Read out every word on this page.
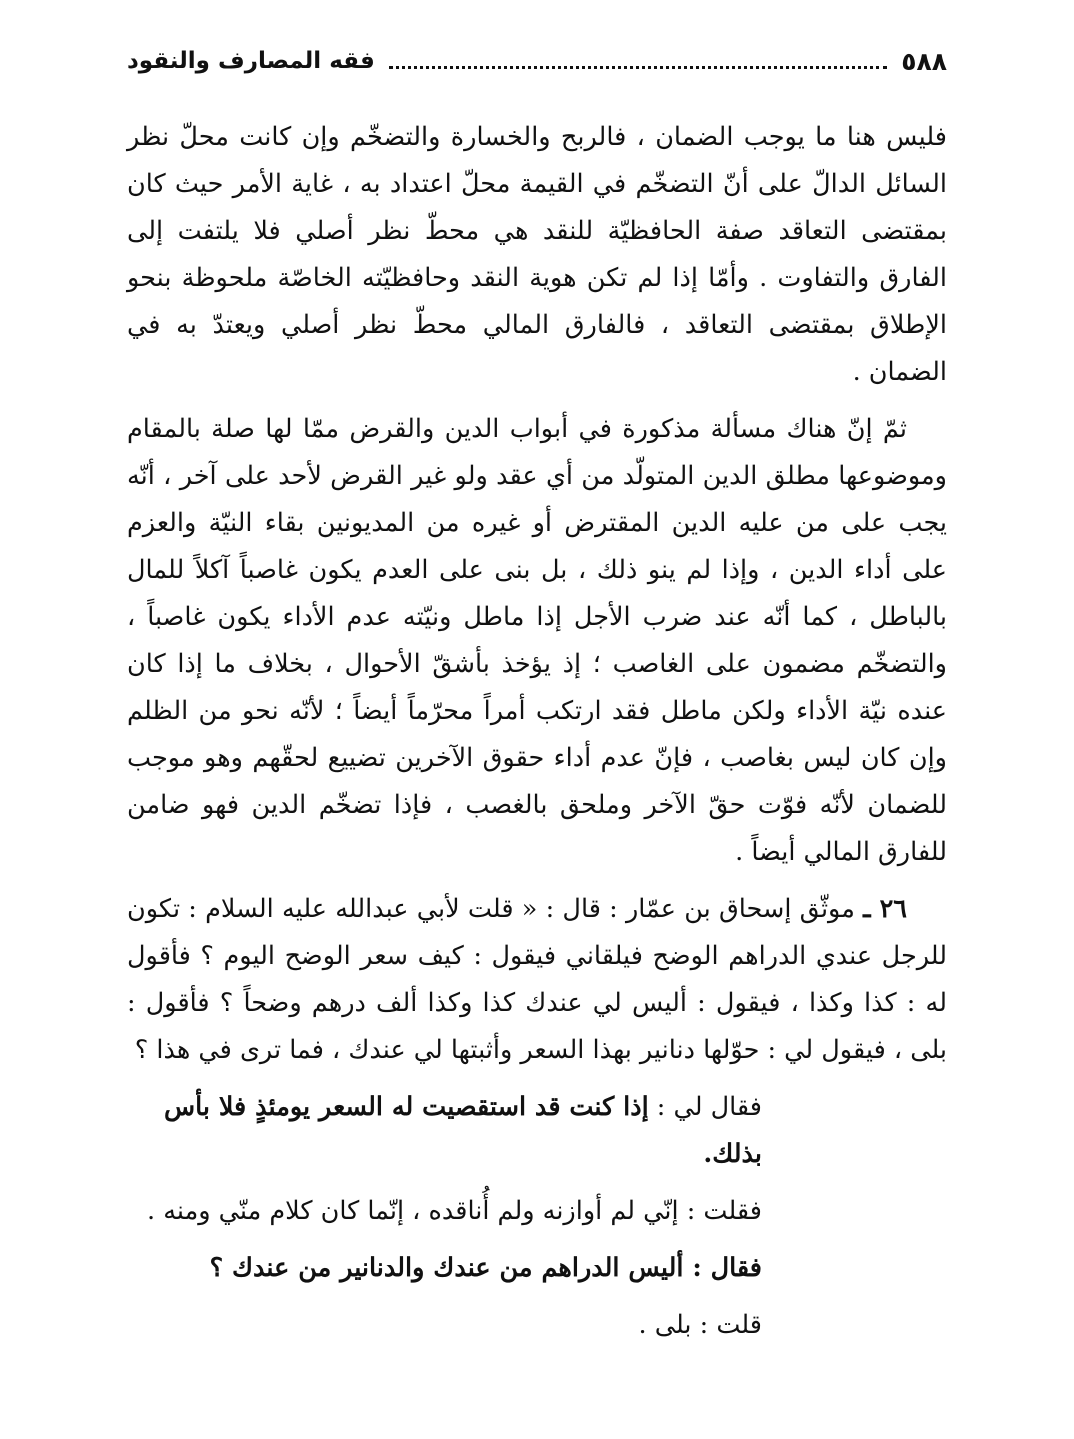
٥٨٨
فقه المصارف والنقود

فليس هنا ما يوجب الضمان ، فالربح والخسارة والتضخّم وإن كانت محلّ نظر السائل الدالّ على أنّ التضخّم في القيمة محلّ اعتداد به ، غاية الأمر حيث كان بمقتضى التعاقد صفة الحافظيّة للنقد هي محطّ نظر أصلي فلا يلتفت إلى الفارق والتفاوت . وأمّا إذا لم تكن هوية النقد وحافظيّته الخاصّة ملحوظة بنحو الإطلاق بمقتضى التعاقد ، فالفارق المالي محطّ نظر أصلي ويعتدّ به في الضمان .

ثمّ إنّ هناك مسألة مذكورة في أبواب الدين والقرض ممّا لها صلة بالمقام وموضوعها مطلق الدين المتولّد من أي عقد ولو غير القرض لأحد على آخر ، أنّه يجب على من عليه الدين المقترض أو غيره من المديونين بقاء النيّة والعزم على أداء الدين ، وإذا لم ينو ذلك ، بل بنى على العدم يكون غاصباً آكلاً للمال بالباطل ، كما أنّه عند ضرب الأجل إذا ماطل ونيّته عدم الأداء يكون غاصباً ، والتضخّم مضمون على الغاصب ؛ إذ يؤخذ بأشقّ الأحوال ، بخلاف ما إذا كان عنده نيّة الأداء ولكن ماطل فقد ارتكب أمراً محرّماً أيضاً ؛ لأنّه نحو من الظلم وإن كان ليس بغاصب ، فإنّ عدم أداء حقوق الآخرين تضييع لحقّهم وهو موجب للضمان لأنّه فوّت حقّ الآخر وملحق بالغصب ، فإذا تضخّم الدين فهو ضامن للفارق المالي أيضاً .

٢٦ ـ موثّق إسحاق بن عمّار : قال : « قلت لأبي عبدالله عليه السلام : تكون للرجل عندي الدراهم الوضح فيلقاني فيقول : كيف سعر الوضح اليوم ؟ فأقول له : كذا وكذا ، فيقول : أليس لي عندك كذا وكذا ألف درهم وضحاً ؟ فأقول : بلى ، فيقول لي : حوّلها دنانير بهذا السعر وأثبتها لي عندك ، فما ترى في هذا ؟

فقال لي : إذا كنت قد استقصيت له السعر يومئذٍ فلا بأس بذلك.

فقلت : إنّي لم أوازنه ولم أُناقده ، إنّما كان كلام منّي ومنه .

فقال : أليس الدراهم من عندك والدنانير من عندك ؟

قلت : بلى .
